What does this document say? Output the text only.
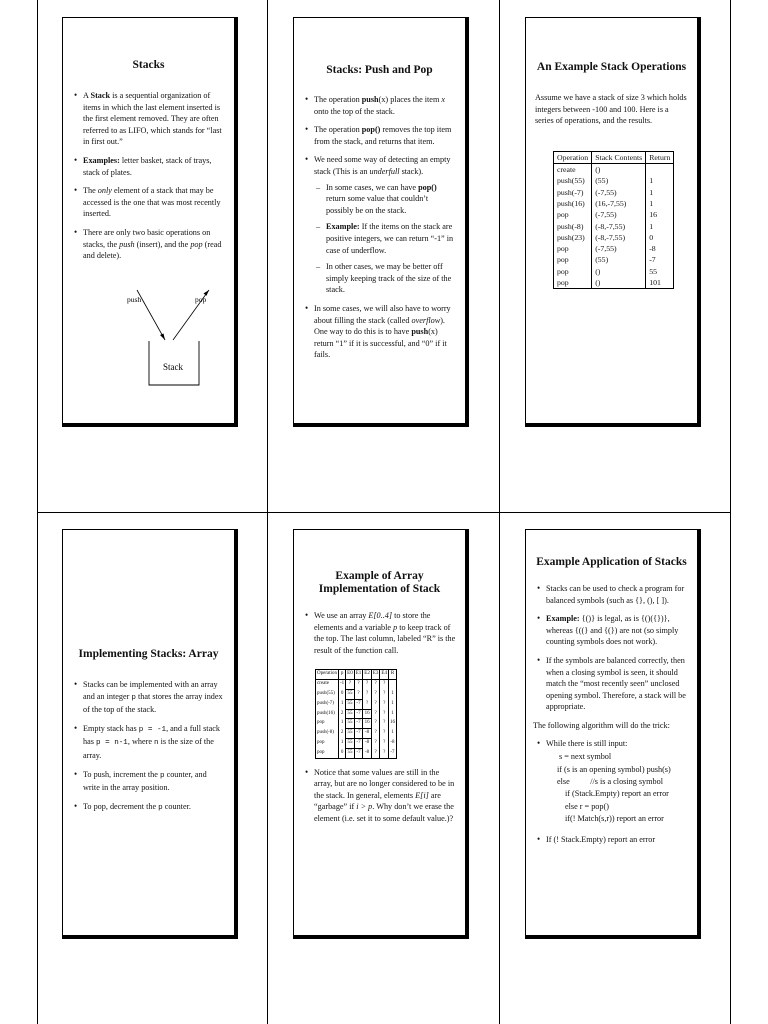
Stacks
• A Stack is a sequential organization of items in which the last element inserted is the first element removed. They are often referred to as LIFO, which stands for “last in first out.”
• Examples: letter basket, stack of trays, stack of plates.
• The only element of a stack that may be accessed is the one that was most recently inserted.
• There are only two basic operations on stacks, the push (insert), and the pop (read and delete).
push	pop
Stack
Stacks: Push and Pop
• The operation push(x) places the item x onto the top of the stack.
• The operation pop() removes the top item from the stack, and returns that item.
• We need some way of detecting an empty stack (This is an underfull stack).
– In some cases, we can have pop() return some value that couldn’t possibly be on the stack.
– Example: If the items on the stack are positive integers, we can return “-1” in case of underflow.
– In other cases, we may be better off simply keeping track of the size of the stack.
• In some cases, we will also have to worry about filling the stack (called overflow). One way to do this is to have push(x) return “1” if it is successful, and “0” if it fails.
An Example Stack Operations

Assume we have a stack of size 3 which holds integers between -100 and 100. Here is a series of operations, and the results.

Operation	Stack Contents	Return
create	()	
push(55)	(55)	1
push(-7)	(-7,55)	1
push(16)	(16,-7,55)	1
pop	(-7,55)	16
push(-8)	(-8,-7,55)	1
push(23)	(-8,-7,55)	0
pop	(-7,55)	-8
pop	(55)	-7
pop	()	55
pop	()	101
Implementing Stacks: Array
• Stacks can be implemented with an array and an integer p that stores the array index of the top of the stack.
• Empty stack has p = -1, and a full stack has p = n-1, where n is the size of the array.
• To push, increment the p counter, and write in the array position.
• To pop, decrement the p counter.
Example of Array Implementation of Stack
• We use an array E[0..4] to store the elements and a variable p to keep track of the top. The last column, labeled “R” is the result of the function call.
Operation	p	E0	E1	E2	E3	E4	R
create	-1	?	?	?	?	?	
push(55)	0	55	?	?	?	?	1
push(-7)	1	55	-7	?	?	?	1
push(16)	2	55	-7	16	?	?	1
pop	1	55	-7	16	?	?	16
push(-8)	2	55	-7	-8	?	?	1
pop	1	55	-7	-8	?	?	-8
pop	0	55	-7	-8	?	?	-7
• Notice that some values are still in the array, but are no longer considered to be in the stack. In general, elements E[i] are “garbage” if i > p. Why don’t we erase the element (i.e. set it to some default value.)?
Example Application of Stacks
• Stacks can be used to check a program for balanced symbols (such as {}, (), [ ]).
• Example: {()} is legal, as is {()({})}, whereas {((} and {(}) are not (so simply counting symbols does not work).
• If the symbols are balanced correctly, then when a closing symbol is seen, it should match the “most recently seen” unclosed opening symbol. Therefore, a stack will be appropriate.

The following algorithm will do the trick:

• While there is still input:
s = next symbol
if (s is an opening symbol) push(s)
else          //s is a closing symbol
if (Stack.Empty) report an error
else r = pop()
if(! Match(s,r)) report an error
• If (! Stack.Empty) report an error
